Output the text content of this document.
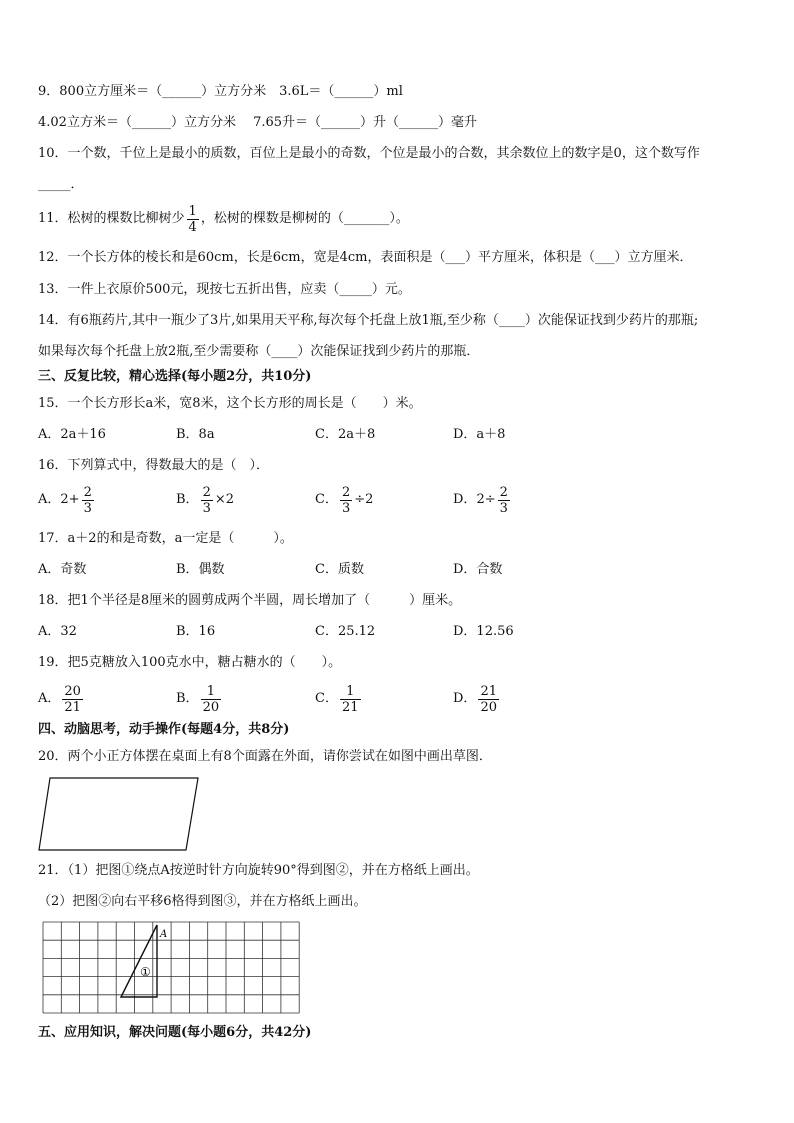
9．800立方厘米＝（______）立方分米　3.6L＝（______）ml
4.02立方米＝（______）立方分米　 7.65升＝（______）升（______）毫升
10．一个数，千位上是最小的质数，百位上是最小的奇数，个位是最小的合数，其余数位上的数字是0，这个数写作
_____．
11．松树的棵数比柳树少 $\frac{1}{4}$ ，松树的棵数是柳树的（_______）。
12．一个长方体的棱长和是60cm，长是6cm，宽是4cm，表面积是（___）平方厘米，体积是（___）立方厘米．
13．一件上衣原价500元，现按七五折出售，应卖（_____）元。
14．有6瓶药片,其中一瓶少了3片,如果用天平称,每次每个托盘上放1瓶,至少称（____）次能保证找到少药片的那瓶;
如果每次每个托盘上放2瓶,至少需要称（____）次能保证找到少药片的那瓶．
三、反复比较，精心选择(每小题2分，共10分)
15．一个长方形长a米，宽8米，这个长方形的周长是（　　）米。
A．2a＋16	B．8a	C．2a＋8	D．a＋8
16．下列算式中，得数最大的是（　）．
A．$2+ \frac{2}{3}$	B． $\frac{2}{3} \times 2$	C． $\frac{2}{3} \div 2$	D．$2\div \frac{2}{3}$
17．a＋2的和是奇数，a一定是（　　　）。
A．奇数	B．偶数	C．质数	D．合数
18．把1个半径是8厘米的圆剪成两个半圆，周长增加了（　　　）厘米。
A．32	B．16	C．25.12	D．12.56
19．把5克糖放入100克水中，糖占糖水的（　　）。
A． $\frac{20}{21}$	B． $\frac{1}{20}$	C． $\frac{1}{21}$	D． $\frac{21}{20}$
四、动脑思考，动手操作(每题4分，共8分)
20．两个小正方体摆在桌面上有8个面露在外面，请你尝试在如图中画出草图．
21．（1）把图①绕点A按逆时针方向旋转90°得到图②，并在方格纸上画出。
（2）把图②向右平移6格得到图③，并在方格纸上画出。
A
①
五、应用知识，解决问题(每小题6分，共42分)
